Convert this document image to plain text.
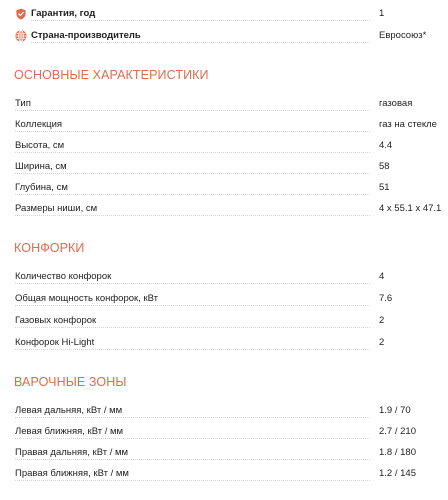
Гарантия, год	1
Страна-производитель	Евросоюз*
ОСНОВНЫЕ ХАРАКТЕРИСТИКИ
Тип	газовая
Коллекция	газ на стекле
Высота, см	4.4
Ширина, см	58
Глубина, см	51
Размеры ниши, см	4 x 55.1 x 47.1
КОНФОРКИ
Количество конфорок	4
Общая мощность конфорок, кВт	7.6
Газовых конфорок	2
Конфорок Hi-Light	2
ВАРОЧНЫЕ ЗОНЫ
Левая дальняя, кВт / мм	1.9 / 70
Левая ближняя, кВт / мм	2.7 / 210
Правая дальняя, кВт / мм	1.8 / 180
Правая ближняя, кВт / мм	1.2 / 145
